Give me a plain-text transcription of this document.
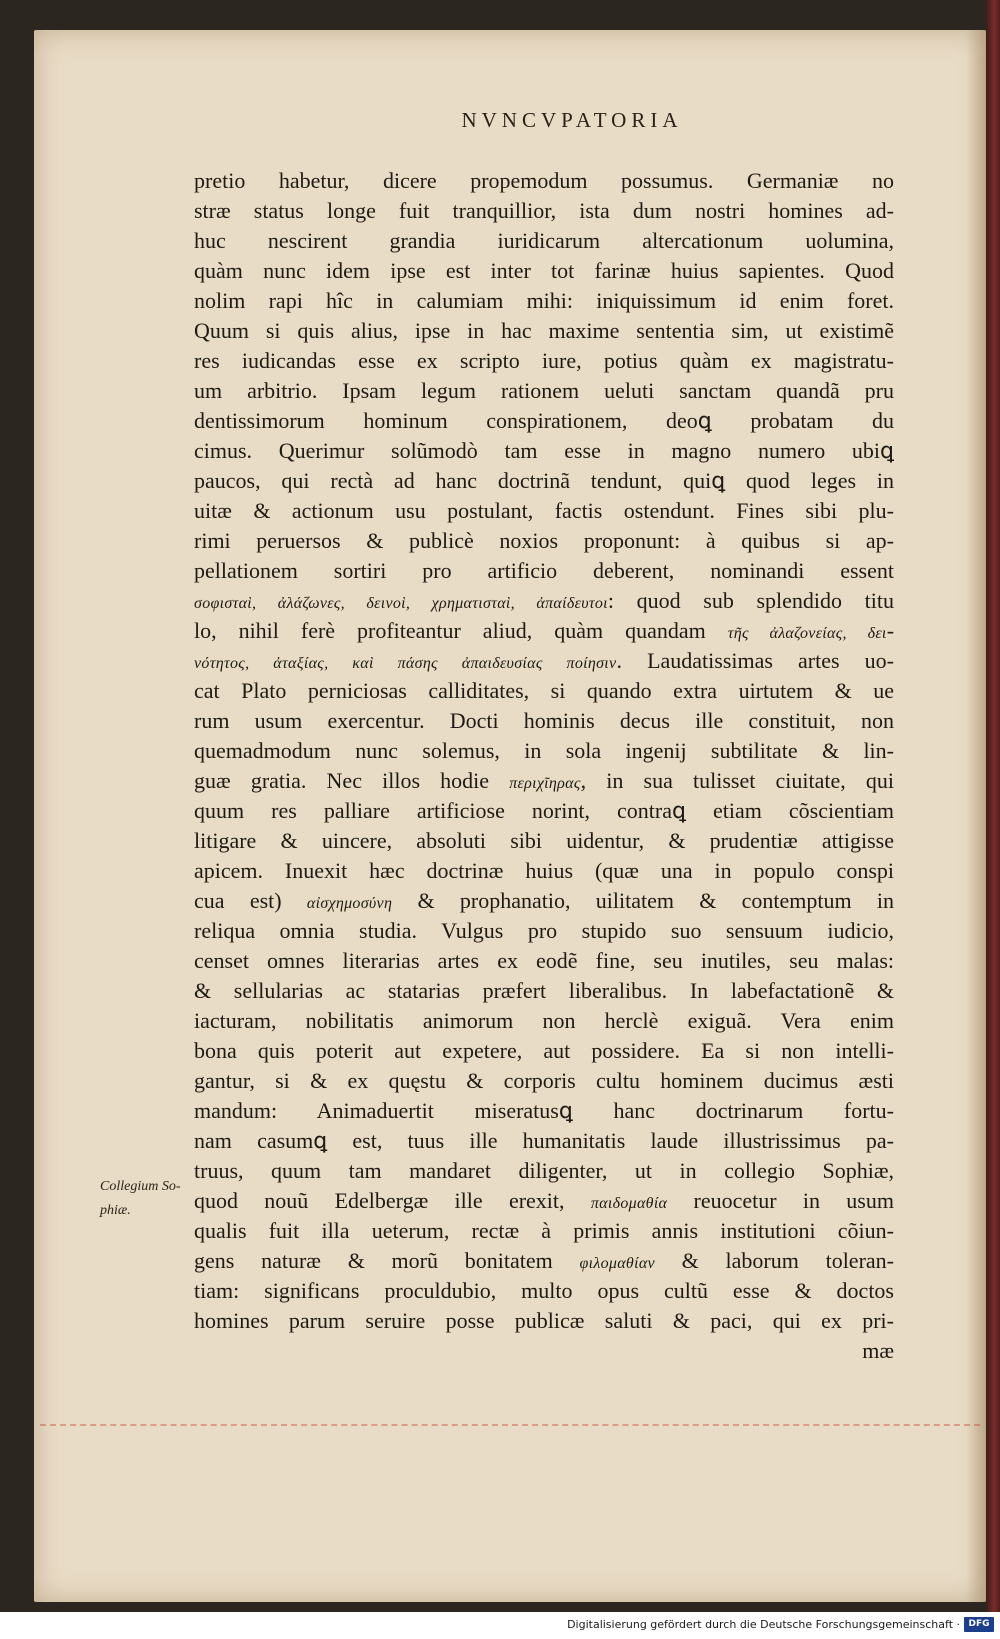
NVNCVPATORIA
pretio habetur, dicere propemodum possumus. Germaniæ no
stræ status longe fuit tranquillior, ista dum nostri homines ad-
huc nescirent grandia iuridicarum altercationum uolumina,
quàm nunc idem ipse est inter tot farinæ huius sapientes. Quod
nolim rapi hîc in calumiam mihi: iniquissimum id enim foret.
Quum si quis alius, ipse in hac maxime sententia sim, ut existimẽ
res iudicandas esse ex scripto iure, potius quàm ex magistratu-
um arbitrio. Ipsam legum rationem ueluti sanctam quandã pru
dentissimorum hominum conspirationem, deoꝗ probatam du
cimus. Querimur solũmodò tam esse in magno numero ubiꝗ
paucos, qui rectà ad hanc doctrinã tendunt, quiꝗ quod leges in
uitæ & actionum usu postulant, factis ostendunt. Fines sibi plu-
rimi peruersos & publicè noxios proponunt: à quibus si ap-
pellationem sortiri pro artificio deberent, nominandi essent
σοφισταὶ, ἀλάζωνες, δεινοὶ, χρηματισταὶ, ἀπαίδευτοι: quod sub splendido titu
lo, nihil ferè profiteantur aliud, quàm quandam τῆς ἀλαζονείας, δει-
νότητος, ἀταξίας, καὶ πάσης ἀπαιδευσίας ποίησιν. Laudatissimas artes uo-
cat Plato perniciosas calliditates, si quando extra uirtutem & ue
rum usum exercentur. Docti hominis decus ille constituit, non
quemadmodum nunc solemus, in sola ingenij subtilitate & lin-
guæ gratia. Nec illos hodie περιχῖηρας, in sua tulisset ciuitate, qui
quum res palliare artificiose norint, contraꝗ etiam cõscientiam
litigare & uincere, absoluti sibi uidentur, & prudentiæ attigisse
apicem. Inuexit hæc doctrinæ huius (quæ una in populo conspi
cua est) αἰσχημοσύνη & prophanatio, uilitatem & contemptum in
reliqua omnia studia. Vulgus pro stupido suo sensuum iudicio,
censet omnes literarias artes ex eodẽ fine, seu inutiles, seu malas:
& sellularias ac statarias præfert liberalibus. In labefactationẽ &
iacturam, nobilitatis animorum non herclè exiguã. Vera enim
bona quis poterit aut expetere, aut possidere. Ea si non intelli-
gantur, si & ex quęstu & corporis cultu hominem ducimus æsti
mandum: Animaduertit miseratusꝗ hanc doctrinarum fortu-
nam casumꝗ est, tuus ille humanitatis laude illustrissimus pa-
truus, quum tam mandaret diligenter, ut in collegio Sophiæ,
quod nouũ Edelbergæ ille erexit, παιδομαθία reuocetur in usum
qualis fuit illa ueterum, rectæ à primis annis institutioni cõiun-
gens naturæ & morũ bonitatem φιλομαθίαν & laborum toleran-
tiam: significans proculdubio, multo opus cultũ esse & doctos
homines parum seruire posse publicæ saluti & paci, qui ex pri-
mæ
Collegium So-
phiæ.
Digitalisierung gefördert durch die Deutsche Forschungsgemeinschaft · DFG
